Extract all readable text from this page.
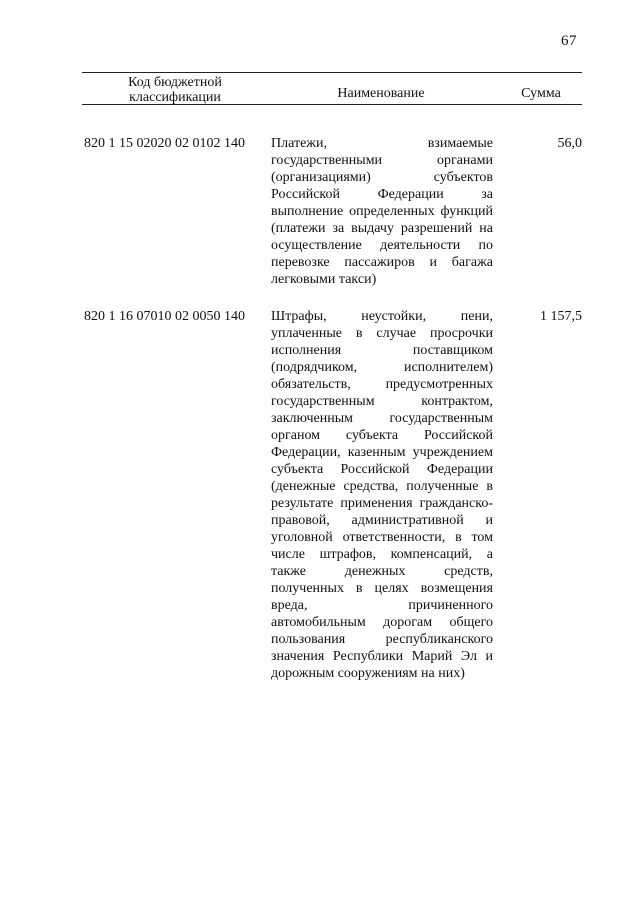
67
Код бюджетной классификации	Наименование	Сумма
820 1 15 02020 02 0102 140 Платежи, взимаемые государственными органами (организациями) субъектов Российской Федерации за выполнение определенных функций (платежи за выдачу разрешений на осуществление деятельности по перевозке пассажиров и багажа легковыми такси)
56,0
820 1 16 07010 02 0050 140 Штрафы, неустойки, пени, уплаченные в случае просрочки исполнения поставщиком (подрядчиком, исполнителем) обязательств, предусмотренных государственным контрактом, заключенным государственным органом субъекта Российской Федерации, казенным учреждением субъекта Российской Федерации (денежные средства, полученные в результате применения гражданско-правовой, административной и уголовной ответственности, в том числе штрафов, компенсаций, а также денежных средств, полученных в целях возмещения вреда, причиненного автомобильным дорогам общего пользования республиканского значения Республики Марий Эл и дорожным сооружениям на них)
1 157,5
